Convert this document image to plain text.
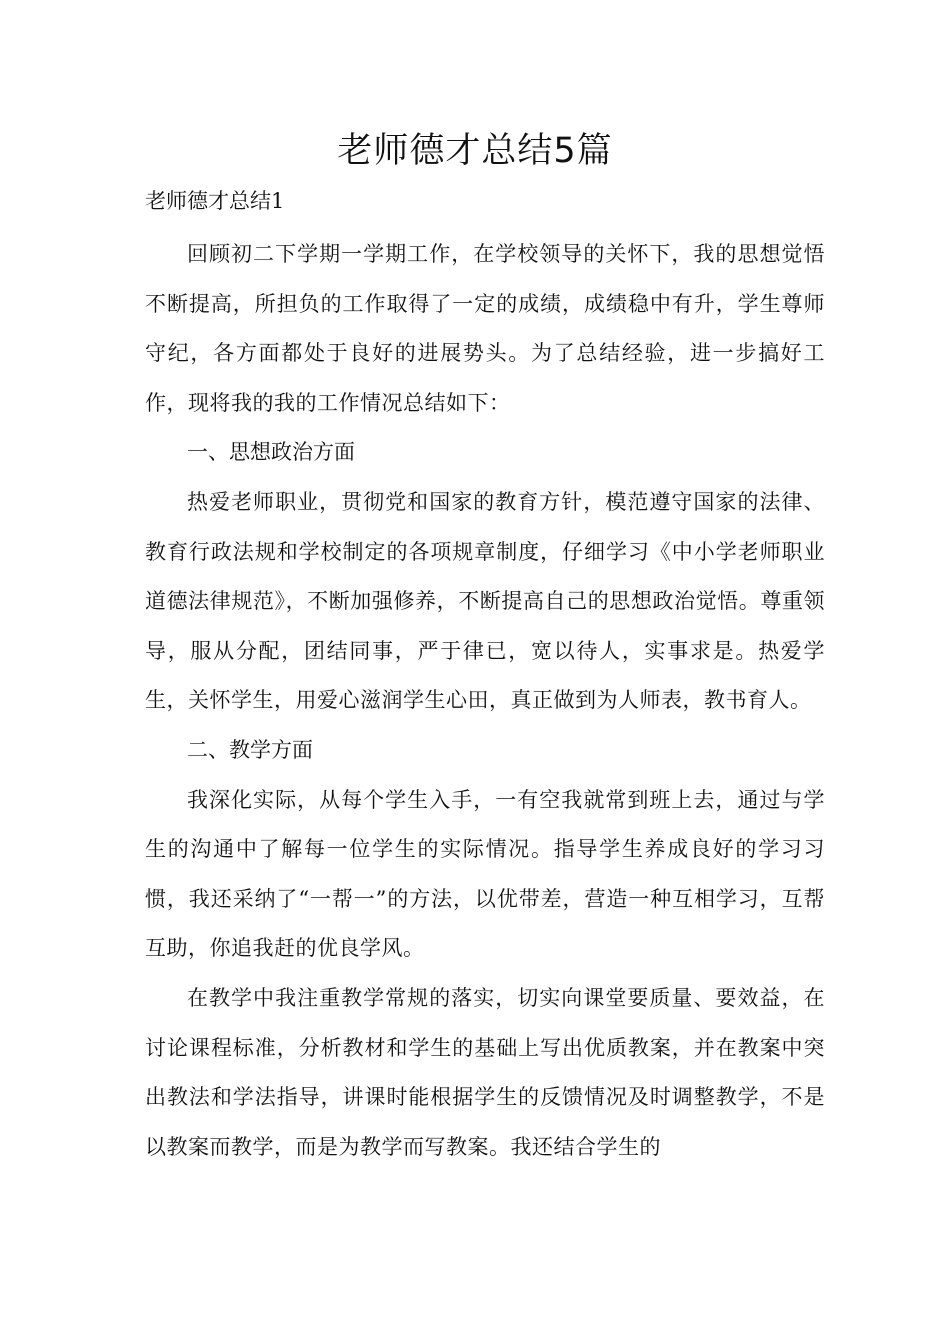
老师德才总结5篇
老师德才总结1

回顾初二下学期一学期工作，在学校领导的关怀下，我的思想觉悟不断提高，所担负的工作取得了一定的成绩，成绩稳中有升，学生尊师守纪，各方面都处于良好的进展势头。为了总结经验，进一步搞好工作，现将我的我的工作情况总结如下：

一、思想政治方面

热爱老师职业，贯彻党和国家的教育方针，模范遵守国家的法律、教育行政法规和学校制定的各项规章制度，仔细学习《中小学老师职业道德法律规范》，不断加强修养，不断提高自己的思想政治觉悟。尊重领导，服从分配，团结同事，严于律已，宽以待人，实事求是。热爱学生，关怀学生，用爱心滋润学生心田，真正做到为人师表，教书育人。

二、教学方面

我深化实际，从每个学生入手，一有空我就常到班上去，通过与学生的沟通中了解每一位学生的实际情况。指导学生养成良好的学习习惯，我还采纳了“一帮一”的方法，以优带差，营造一种互相学习，互帮互助，你追我赶的优良学风。

在教学中我注重教学常规的落实，切实向课堂要质量、要效益，在讨论课程标准，分析教材和学生的基础上写出优质教案，并在教案中突出教法和学法指导，讲课时能根据学生的反馈情况及时调整教学，不是以教案而教学，而是为教学而写教案。我还结合学生的
